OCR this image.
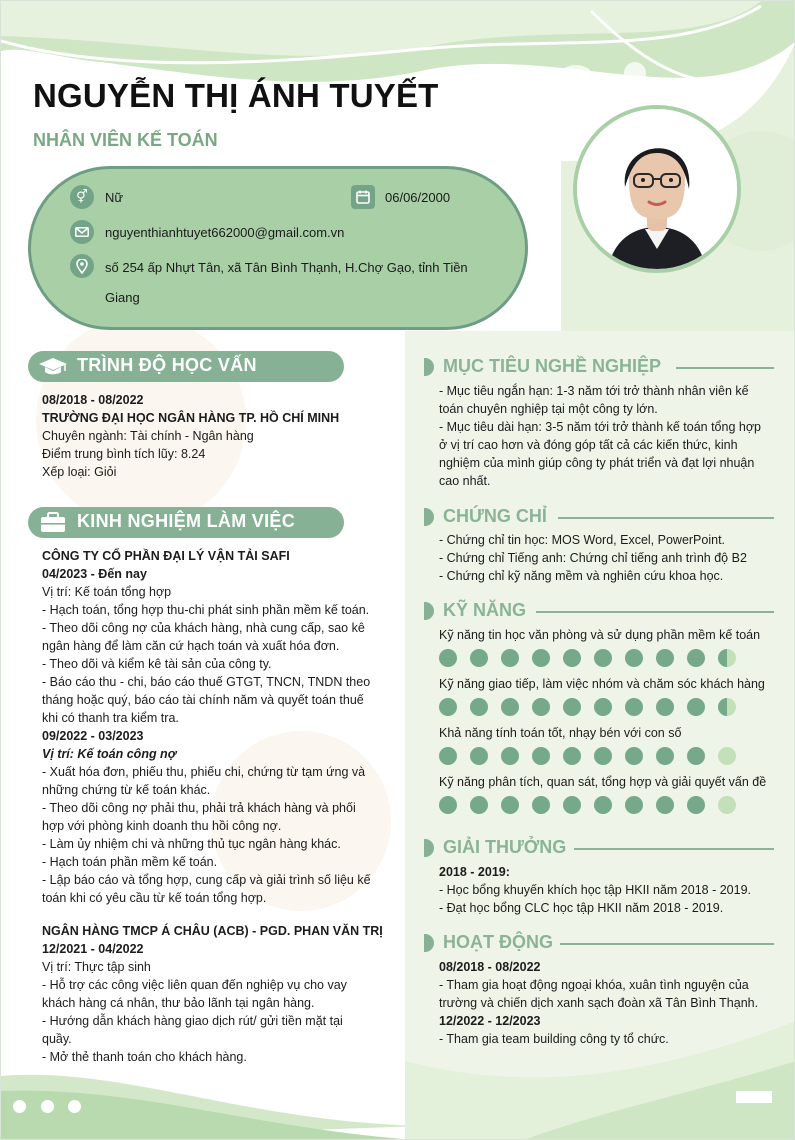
NGUYỄN THỊ ÁNH TUYẾT
NHÂN VIÊN KẾ TOÁN
⚥	Nữ	06/06/2000
nguyenthianhtuyet662000@gmail.com.vn
số 254 ấp Nhựt Tân, xã Tân Bình Thạnh, H.Chợ Gạo, tỉnh Tiền
Giang
TRÌNH ĐỘ HỌC VẤN
08/2018 - 08/2022
TRƯỜNG ĐẠI HỌC NGÂN HÀNG TP. HỒ CHÍ MINH
Chuyên ngành: Tài chính - Ngân hàng
Điểm trung bình tích lũy: 8.24
Xếp loại: Giỏi
KINH NGHIỆM LÀM VIỆC
CÔNG TY CỔ PHẦN ĐẠI LÝ VẬN TẢI SAFI
04/2023 - Đến nay
Vị trí: Kế toán tổng hợp
- Hạch toán, tổng hợp thu-chi phát sinh phần mềm kế toán.
- Theo dõi công nợ của khách hàng, nhà cung cấp, sao kê
ngân hàng để làm căn cứ hạch toán và xuất hóa đơn.
- Theo dõi và kiểm kê tài sản của công ty.
- Báo cáo thu - chi, báo cáo thuế GTGT, TNCN, TNDN theo
tháng hoặc quý, báo cáo tài chính năm và quyết toán thuế
khi có thanh tra kiểm tra.
09/2022 - 03/2023
Vị trí: Kế toán công nợ
- Xuất hóa đơn, phiếu thu, phiếu chi, chứng từ tạm ứng và
những chứng từ kế toán khác.
- Theo dõi công nợ phải thu, phải trả khách hàng và phối
hợp với phòng kinh doanh thu hồi công nợ.
- Làm ủy nhiệm chi và những thủ tục ngân hàng khác.
- Hạch toán phần mềm kế toán.
- Lập báo cáo và tổng hợp, cung cấp và giải trình số liệu kế
toán khi có yêu cầu từ kế toán tổng hợp.
NGÂN HÀNG TMCP Á CHÂU (ACB) - PGD. PHAN VĂN TRỊ
12/2021 - 04/2022
Vị trí: Thực tập sinh
- Hỗ trợ các công việc liên quan đến nghiệp vụ cho vay
khách hàng cá nhân, thư bảo lãnh tại ngân hàng.
- Hướng dẫn khách hàng giao dịch rút/ gửi tiền mặt tại
quầy.
- Mở thẻ thanh toán cho khách hàng.
MỤC TIÊU NGHỀ NGHIỆP
- Mục tiêu ngắn hạn: 1-3 năm tới trở thành nhân viên kế
toán chuyên nghiệp tại một công ty lớn.
- Mục tiêu dài hạn: 3-5 năm tới trở thành kế toán tổng hợp
ở vị trí cao hơn và đóng góp tất cả các kiến thức, kinh
nghiệm của mình giúp công ty phát triển và đạt lợi nhuận
cao nhất.
CHỨNG CHỈ
- Chứng chỉ tin học: MOS Word, Excel, PowerPoint.
- Chứng chỉ Tiếng anh: Chứng chỉ tiếng anh trình độ B2
- Chứng chỉ kỹ năng mềm và nghiên cứu khoa học.
KỸ NĂNG
Kỹ năng tin học văn phòng và sử dụng phần mềm kế toán
Kỹ năng giao tiếp, làm việc nhóm và chăm sóc khách hàng
Khả năng tính toán tốt, nhạy bén với con số
Kỹ năng phân tích, quan sát, tổng hợp và giải quyết vấn đề
GIẢI THƯỞNG
2018 - 2019:
- Học bổng khuyến khích học tập HKII năm 2018 - 2019.
- Đạt học bổng CLC học tập HKII năm 2018 - 2019.
HOẠT ĐỘNG
08/2018 - 08/2022
- Tham gia hoạt động ngoại khóa, xuân tình nguyện của
trường và chiến dịch xanh sạch đoàn xã Tân Bình Thạnh.
12/2022 - 12/2023
- Tham gia team building công ty tổ chức.
